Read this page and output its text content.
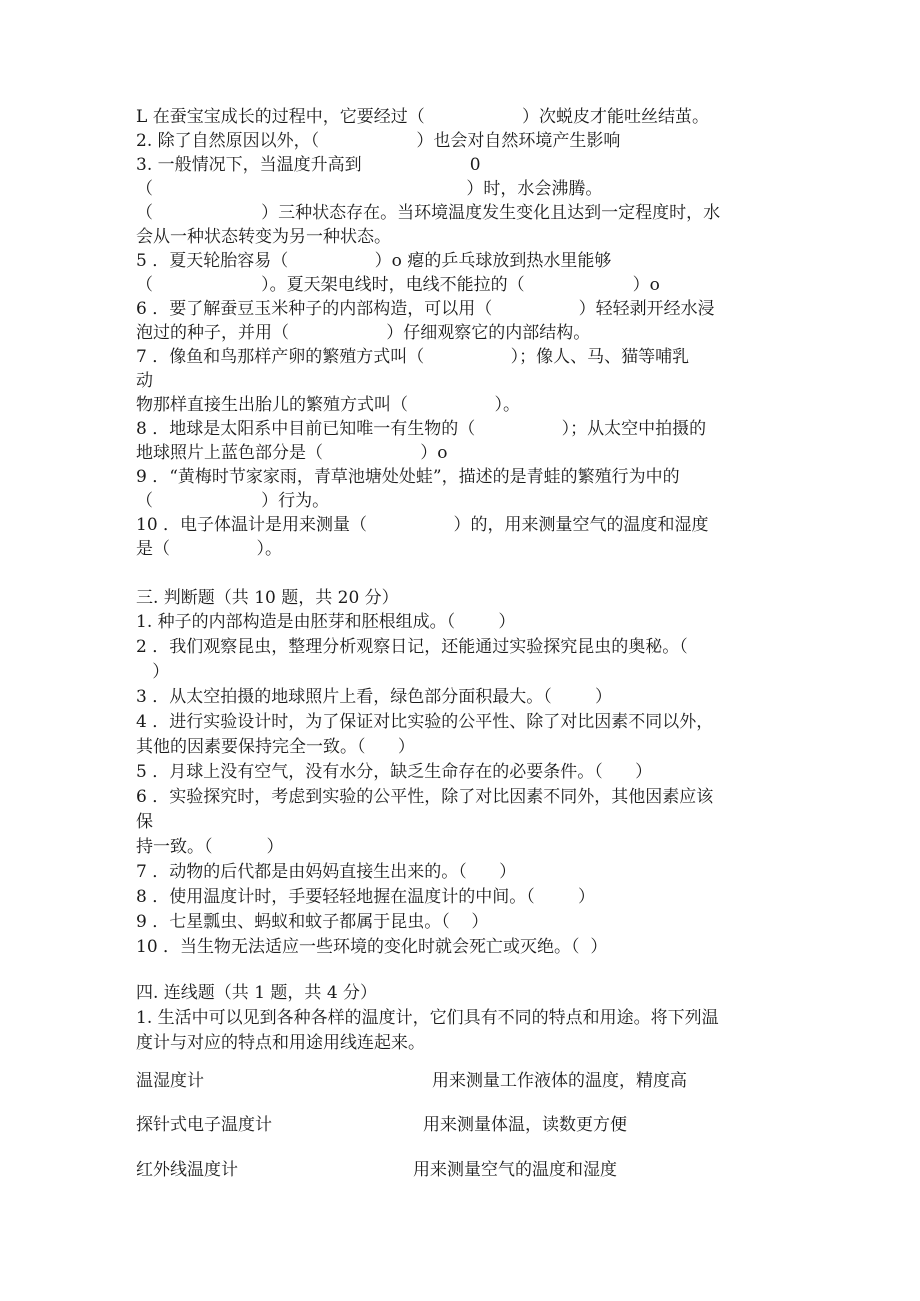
L 在蚕宝宝成长的过程中，它要经过（                  ）次蜕皮才能吐丝结茧。
2. 除了自然原因以外，（                  ）也会对自然环境产生影响
3. 一般情况下，当温度升高到                    0
（                                                          ）时，水会沸腾。
（                    ）三种状态存在。当环境温度发生变化且达到一定程度时，水
会从一种状态转变为另一种状态。
5 ．夏天轮胎容易（                ）o 瘪的乒乓球放到热水里能够
（                    ）。夏天架电线时，电线不能拉的（                    ）o
6 ．要了解蚕豆玉米种子的内部构造，可以用（                ）轻轻剥开经水浸
泡过的种子，并用（                  ）仔细观察它的内部结构。
7 ．像鱼和鸟那样产卵的繁殖方式叫（                ）；像人、马、猫等哺乳
动
物那样直接生出胎儿的繁殖方式叫（                ）。
8 ．地球是太阳系中目前已知唯一有生物的（                ）；从太空中拍摄的
地球照片上蓝色部分是（                  ）o
9 ．“黄梅时节家家雨，青草池塘处处蛙”，描述的是青蛙的繁殖行为中的
（                    ）行为。
10 ．电子体温计是用来测量（                ）的，用来测量空气的温度和湿度
是（                ）。
三. 判断题（共 10 题，共 20 分）
1. 种子的内部构造是由胚芽和胚根组成。（        ）
2 ．我们观察昆虫，整理分析观察日记，还能通过实验探究昆虫的奥秘。（
）
3 ．从太空拍摄的地球照片上看，绿色部分面积最大。（        ）
4 ．进行实验设计时，为了保证对比实验的公平性、除了对比因素不同以外，
其他的因素要保持完全一致。（      ）
5 ．月球上没有空气，没有水分，缺乏生命存在的必要条件。（      ）
6 ．实验探究时，考虑到实验的公平性，除了对比因素不同外，其他因素应该
保
持一致。（          ）
7 ．动物的后代都是由妈妈直接生出来的。（      ）
8 ．使用温度计时，手要轻轻地握在温度计的中间。（        ）
9 ．七星瓢虫、蚂蚁和蚊子都属于昆虫。（    ）
10 ．当生物无法适应一些环境的变化时就会死亡或灭绝。（  ）
四. 连线题（共 1 题，共 4 分）
1. 生活中可以见到各种各样的温度计，它们具有不同的特点和用途。将下列温
度计与对应的特点和用途用线连起来。
温湿度计	用来测量工作液体的温度，精度高
探针式电子温度计	用来测量体温，读数更方便
红外线温度计	用来测量空气的温度和湿度
